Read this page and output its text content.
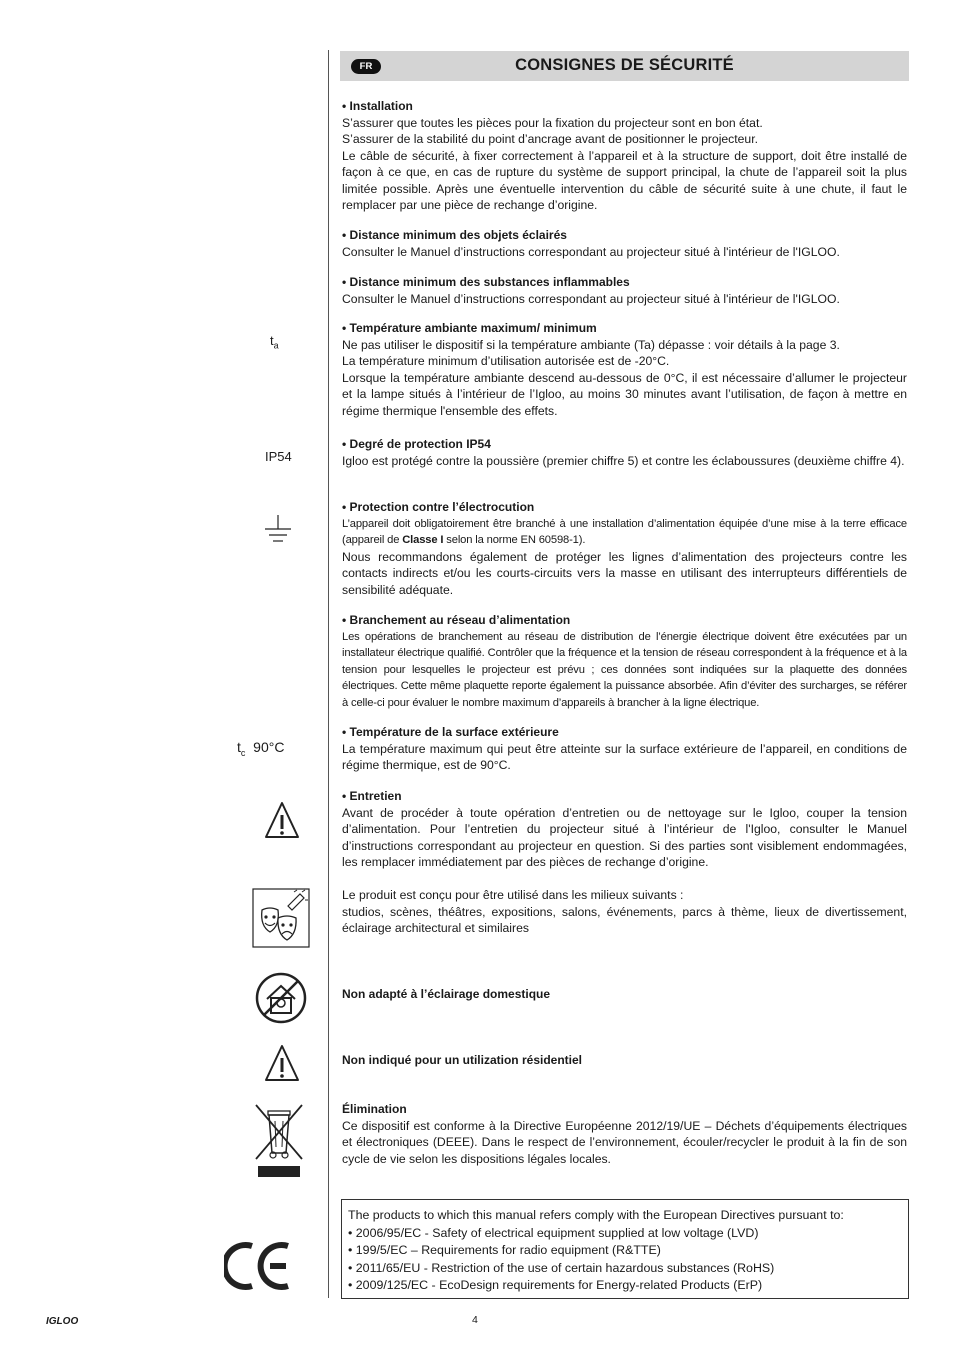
FR	CONSIGNES DE SÉCURITÉ
$t_a$
IP54
$t_c$ 90°C
• Installation

S’assurer que toutes les pièces pour la fixation du projecteur sont en bon état.

S’assurer de la stabilité du point d’ancrage avant de positionner le projecteur.

Le câble de sécurité, à fixer correctement à l’appareil et à la structure de support, doit être installé de façon à ce que, en cas de rupture du système de support principal, la chute de l’appareil soit la plus limitée possible. Après une éventuelle intervention du câble de sécurité suite à une chute, il faut le remplacer par une pièce de rechange d’origine.

• Distance minimum des objets éclairés

Consulter le Manuel d’instructions correspondant au projecteur situé à l'intérieur de l'IGLOO.

• Distance minimum des substances inflammables

Consulter le Manuel d’instructions correspondant au projecteur situé à l'intérieur de l'IGLOO.

• Température ambiante maximum/ minimum

Ne pas utiliser le dispositif si la température ambiante (Ta) dépasse : voir détails à la page 3.

La température minimum d’utilisation autorisée est de -20°C.

Lorsque la température ambiante descend au-dessous de 0°C, il est nécessaire d’allumer le projecteur et la lampe situés à l’intérieur de l’Igloo, au moins 30 minutes avant l’utilisation, de façon à mettre en régime thermique l'ensemble des effets.

• Degré de protection IP54

Igloo est protégé contre la poussière (premier chiffre 5) et contre les éclaboussures (deuxième chiffre 4).

• Protection contre l’électrocution

L’appareil doit obligatoirement être branché à une installation d’alimentation équipée d’une mise à la terre efficace (appareil de Classe I selon la norme EN 60598-1).

Nous recommandons également de protéger les lignes d’alimentation des projecteurs contre les contacts indirects et/ou les courts-circuits vers la masse en utilisant des interrupteurs différentiels de sensibilité adéquate.

• Branchement au réseau d’alimentation

Les opérations de branchement au réseau de distribution de l’énergie électrique doivent être exécutées par un installateur électrique qualifié. Contrôler que la fréquence et la tension de réseau correspondent à la fréquence et à la tension pour lesquelles le projecteur est prévu ; ces données sont indiquées sur la plaquette des données électriques. Cette même plaquette reporte également la puissance absorbée. Afin d’éviter des surcharges, se référer à celle-ci pour évaluer le nombre maximum d’appareils à brancher à la ligne électrique.

• Température de la surface extérieure

La température maximum qui peut être atteinte sur la surface extérieure de l’appareil, en conditions de régime thermique, est de 90°C.

• Entretien

Avant de procéder à toute opération d’entretien ou de nettoyage sur le Igloo, couper la tension d’alimentation. Pour l’entretien du projecteur situé à l’intérieur de l'Igloo, consulter le Manuel d’instructions correspondant au projecteur en question. Si des parties sont visiblement endommagées, les remplacer immédiatement par des pièces de rechange d’origine.

Le produit est conçu pour être utilisé dans les milieux suivants :

studios, scènes, théâtres, expositions, salons, événements, parcs à thème, lieux de divertissement, éclairage architectural et similaires

Non adapté à l’éclairage domestique
Non indiqué pour un utilization résidentiel
Élimination

Ce dispositif est conforme à la Directive Européenne 2012/19/UE – Déchets d’équipements électriques et électroniques (DEEE). Dans le respect de l’environnement, écouler/recycler le produit à la fin de son cycle de vie selon les dispositions légales locales.

The products to which this manual refers comply with the European Directives pursuant to:
• 2006/95/EC - Safety of electrical equipment supplied at low voltage (LVD)
• 199/5/EC – Requirements for radio equipment (R&TTE)
• 2011/65/EU - Restriction of the use of certain hazardous substances (RoHS)
• 2009/125/EC - EcoDesign requirements for Energy-related Products (ErP)
IGLOO	4
